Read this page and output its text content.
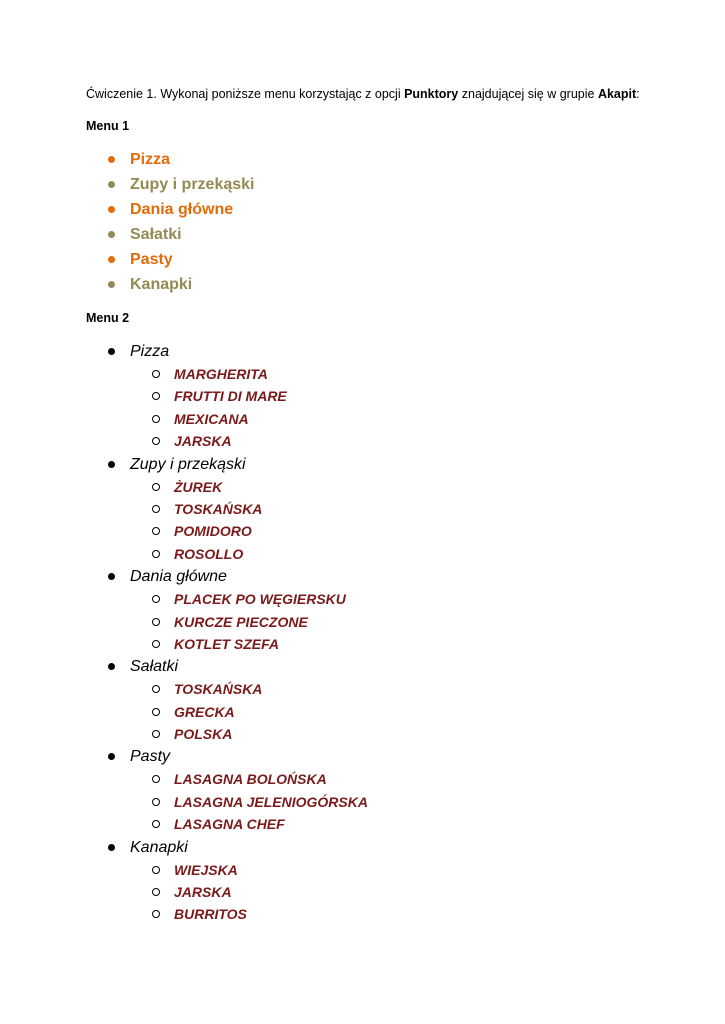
Ćwiczenie 1. Wykonaj poniższe menu korzystając z opcji Punktory znajdującej się w grupie Akapit:
Menu 1
Pizza
Zupy i przekąski
Dania główne
Sałatki
Pasty
Kanapki
Menu 2
Pizza
MARGHERITA
FRUTTI DI MARE
MEXICANA
JARSKA
Zupy i przekąski
ŻUREK
TOSKAŃSKA
POMIDORO
ROSOLLO
Dania główne
PLACEK PO WĘGIERSKU
KURCZE PIECZONE
KOTLET SZEFA
Sałatki
TOSKAŃSKA
GRECKA
POLSKA
Pasty
LASAGNA BOLOŃSKA
LASAGNA JELENIOGÓRSKA
LASAGNA CHEF
Kanapki
WIEJSKA
JARSKA
BURRITOS
